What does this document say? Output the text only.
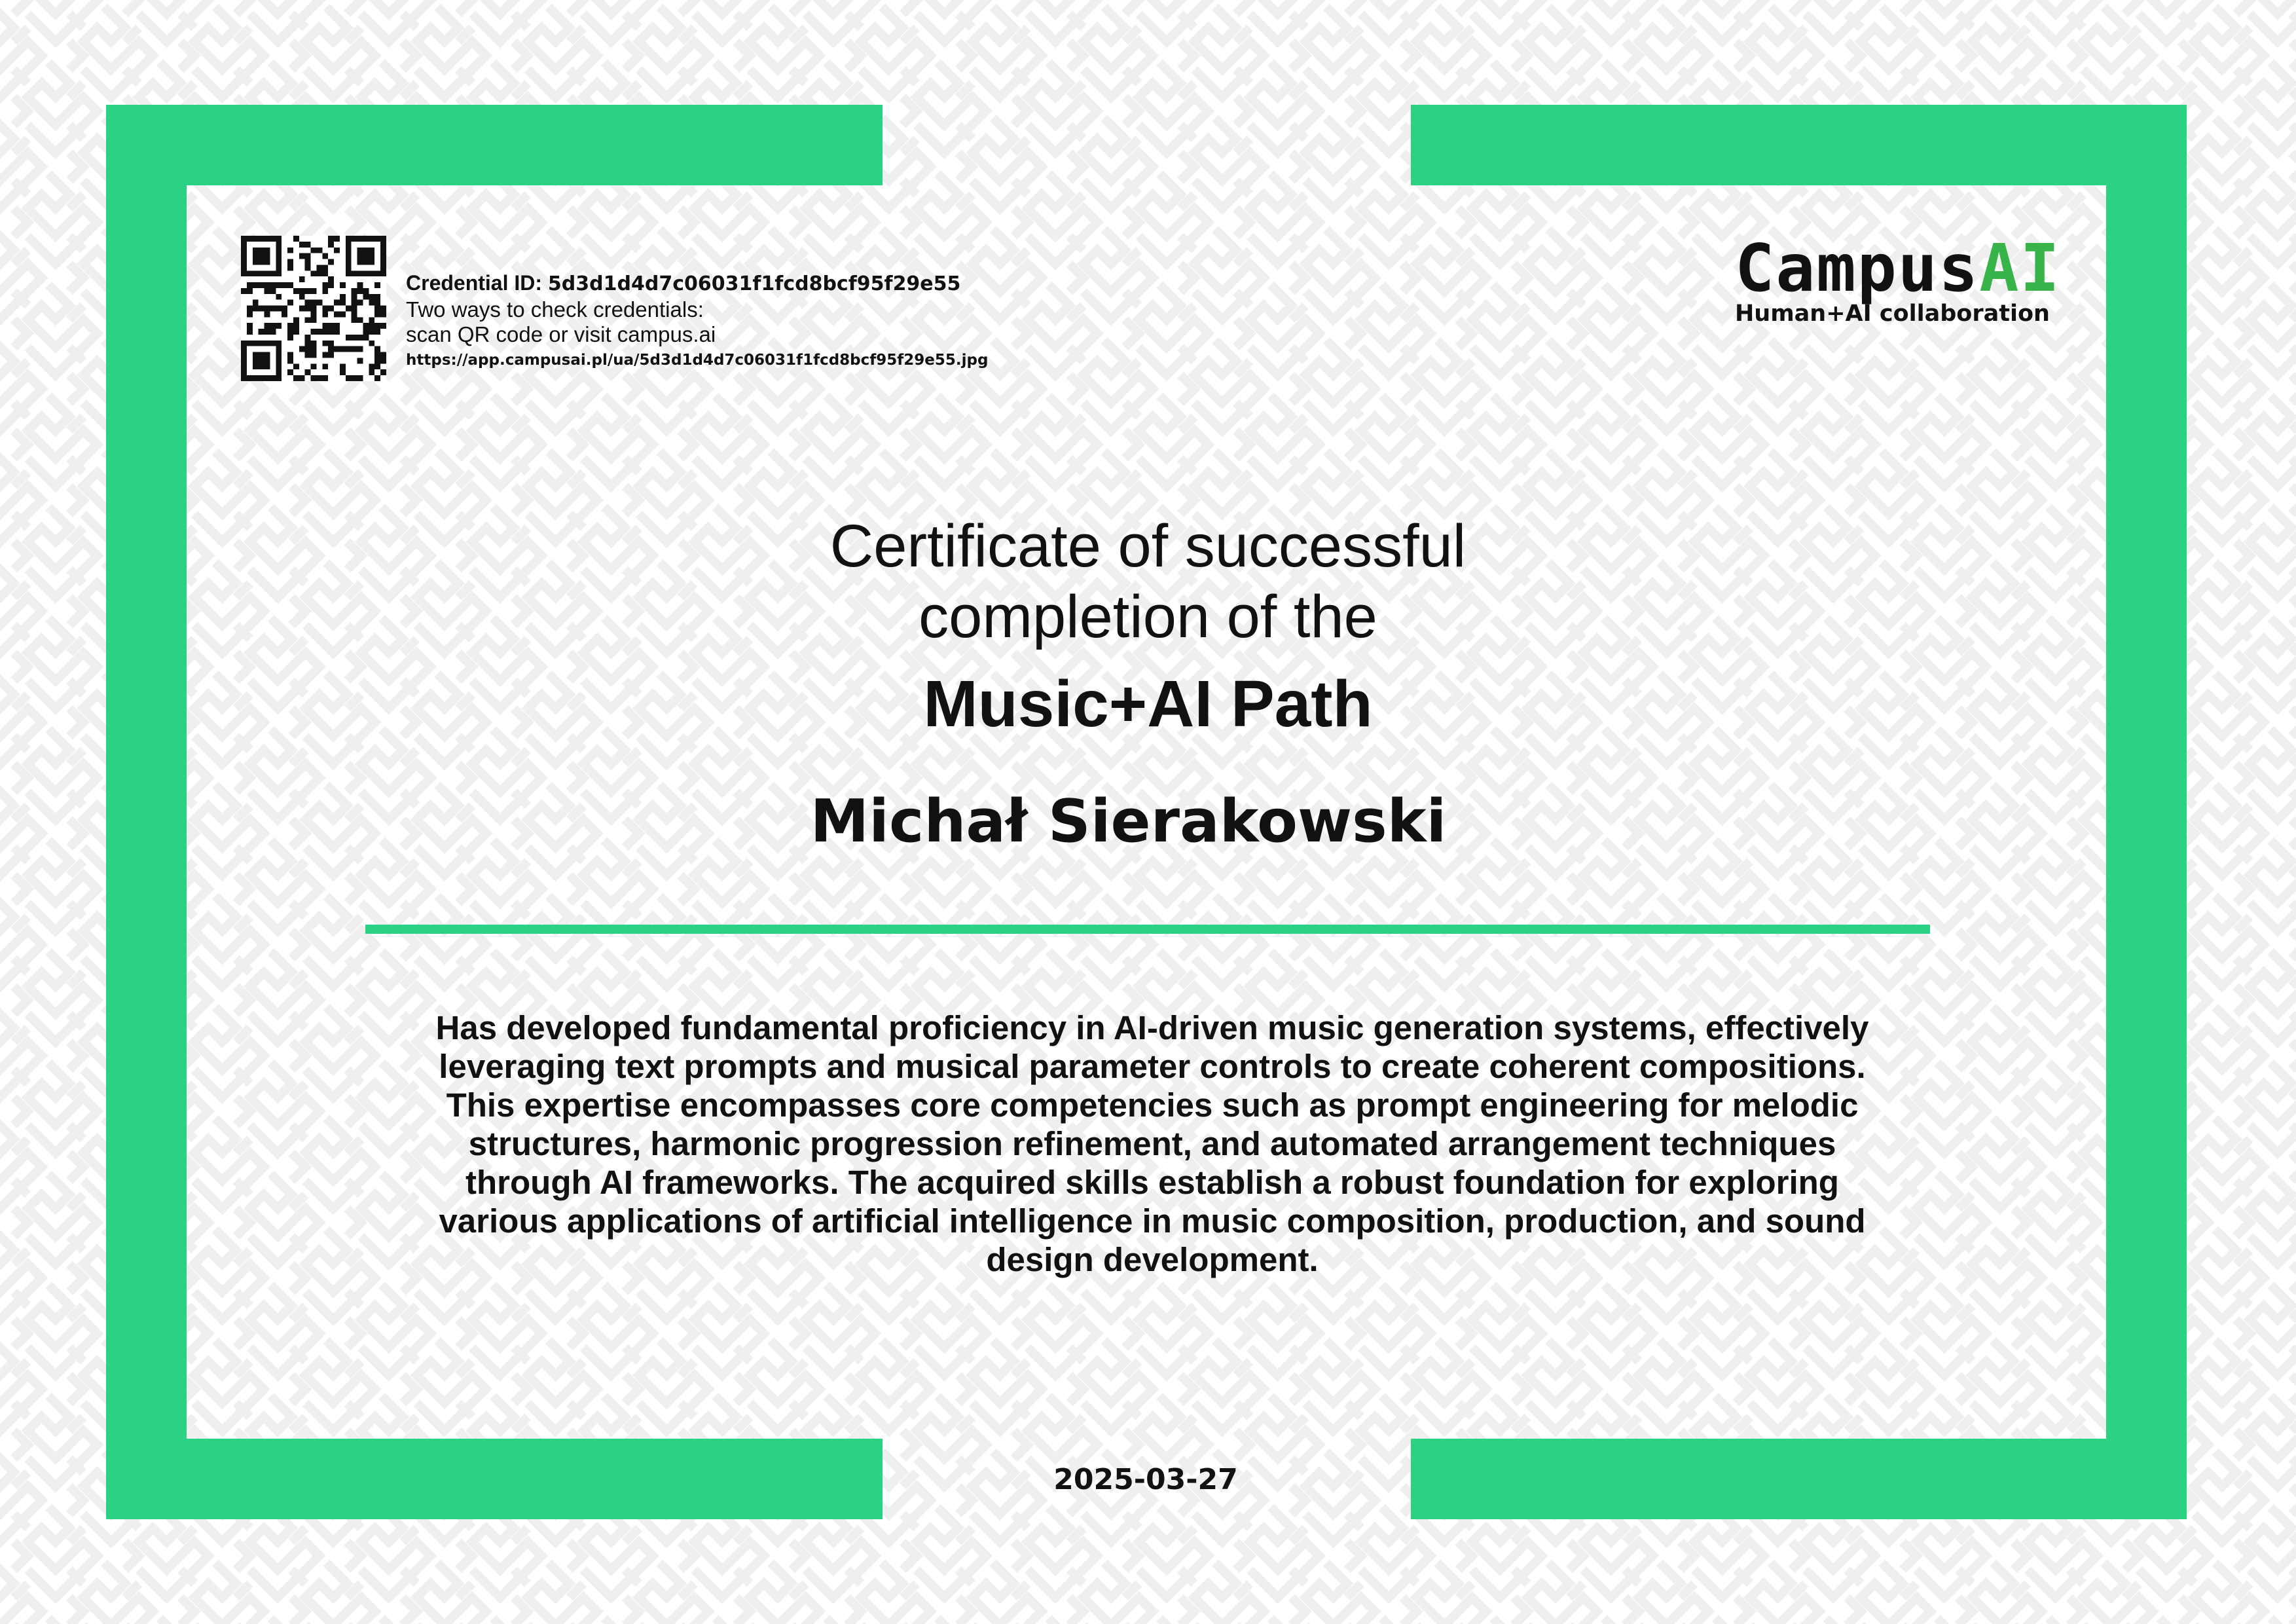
Credential ID: 5d3d1d4d7c06031f1fcd8bcf95f29e55
Two ways to check credentials:
scan QR code or visit campus.ai
https://app.campusai.pl/ua/5d3d1d4d7c06031f1fcd8bcf95f29e55.jpg
CampusAI
Human+AI collaboration
Certificate of successful
completion of the
Music+AI Path
Michał Sierakowski
Has developed fundamental proficiency in AI-driven music generation systems, effectively leveraging text prompts and musical parameter controls to create coherent compositions. This expertise encompasses core competencies such as prompt engineering for melodic structures, harmonic progression refinement, and automated arrangement techniques through AI frameworks. The acquired skills establish a robust foundation for exploring various applications of artificial intelligence in music composition, production, and sound design development.
2025-03-27
